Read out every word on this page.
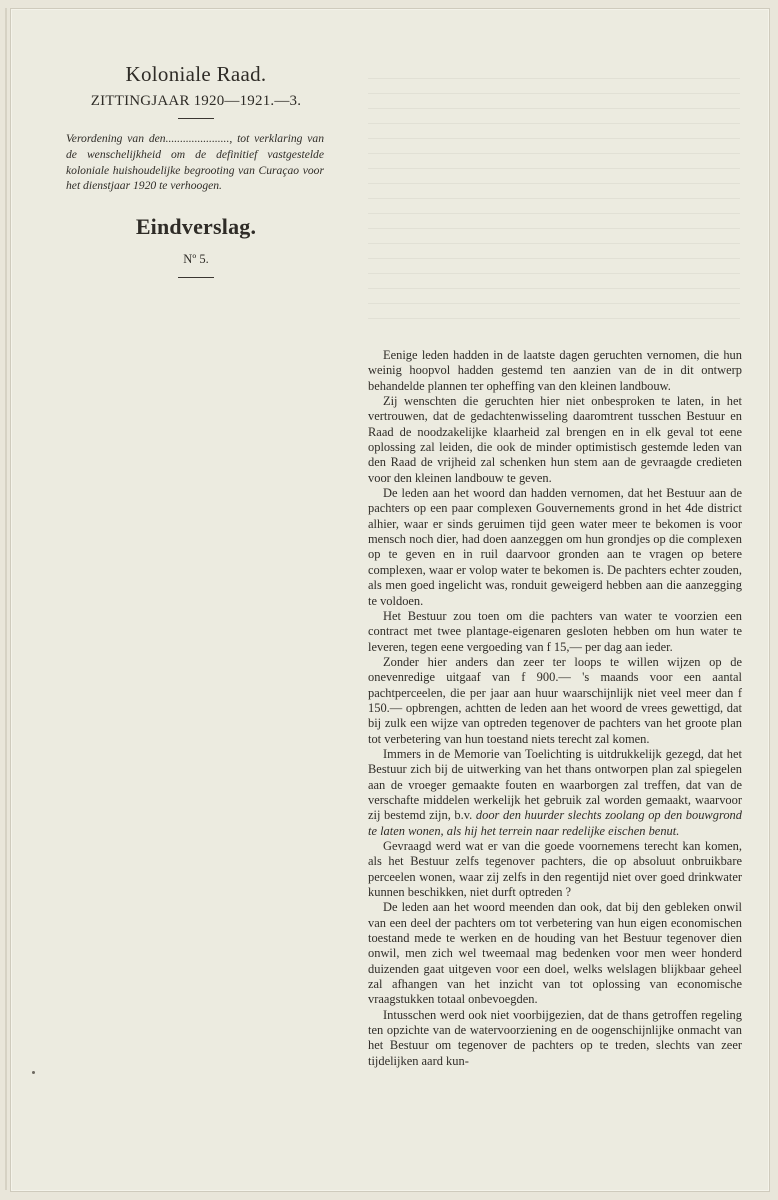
Koloniale Raad.
ZITTINGJAAR 1920—1921.—3.

Verordening van den......................, tot verklaring van de wenschelijkheid om de definitief vastgestelde koloniale huishoudelijke begrooting van Curaçao voor het dienstjaar 1920 te verhoogen.

Eindverslag.
Nº 5.

Eenige leden hadden in de laatste dagen geruchten vernomen, die hun weinig hoopvol hadden gestemd ten aanzien van de in dit ontwerp behandelde plannen ter opheffing van den kleinen landbouw.

Zij wenschten die geruchten hier niet onbesproken te laten, in het vertrouwen, dat de gedachtenwisseling daaromtrent tusschen Bestuur en Raad de noodzakelijke klaarheid zal brengen en in elk geval tot eene oplossing zal leiden, die ook de minder optimistisch gestemde leden van den Raad de vrijheid zal schenken hun stem aan de gevraagde credieten voor den kleinen landbouw te geven.

De leden aan het woord dan hadden vernomen, dat het Bestuur aan de pachters op een paar complexen Gouvernements grond in het 4de district alhier, waar er sinds geruimen tijd geen water meer te bekomen is voor mensch noch dier, had doen aanzeggen om hun grondjes op die complexen op te geven en in ruil daarvoor gronden aan te vragen op betere complexen, waar er volop water te bekomen is. De pachters echter zouden, als men goed ingelicht was, ronduit geweigerd hebben aan die aanzegging te voldoen.

Het Bestuur zou toen om die pachters van water te voorzien een contract met twee plantage-eigenaren gesloten hebben om hun water te leveren, tegen eene vergoeding van f 15,— per dag aan ieder.

Zonder hier anders dan zeer ter loops te willen wijzen op de onevenredige uitgaaf van f 900.— 's maands voor een aantal pachtperceelen, die per jaar aan huur waarschijnlijk niet veel meer dan f 150.— opbrengen, achtten de leden aan het woord de vrees gewettigd, dat bij zulk een wijze van optreden tegenover de pachters van het groote plan tot verbetering van hun toestand niets terecht zal komen.

Immers in de Memorie van Toelichting is uitdrukkelijk gezegd, dat het Bestuur zich bij de uitwerking van het thans ontworpen plan zal spiegelen aan de vroeger gemaakte fouten en waarborgen zal treffen, dat van de verschafte middelen werkelijk het gebruik zal worden gemaakt, waarvoor zij bestemd zijn, b.v. door den huurder slechts zoolang op den bouwgrond te laten wonen, als hij het terrein naar redelijke eischen benut.

Gevraagd werd wat er van die goede voornemens terecht kan komen, als het Bestuur zelfs tegenover pachters, die op absoluut onbruikbare perceelen wonen, waar zij zelfs in den regentijd niet over goed drinkwater kunnen beschikken, niet durft optreden ?

De leden aan het woord meenden dan ook, dat bij den gebleken onwil van een deel der pachters om tot verbetering van hun eigen economischen toestand mede te werken en de houding van het Bestuur tegenover dien onwil, men zich wel tweemaal mag bedenken voor men weer honderd duizenden gaat uitgeven voor een doel, welks welslagen blijkbaar geheel zal afhangen van het inzicht van tot oplossing van economische vraagstukken totaal onbevoegden.

Intusschen werd ook niet voorbijgezien, dat de thans getroffen regeling ten opzichte van de watervoorziening en de oogenschijnlijke onmacht van het Bestuur om tegenover de pachters op te treden, slechts van zeer tijdelijken aard kun-
